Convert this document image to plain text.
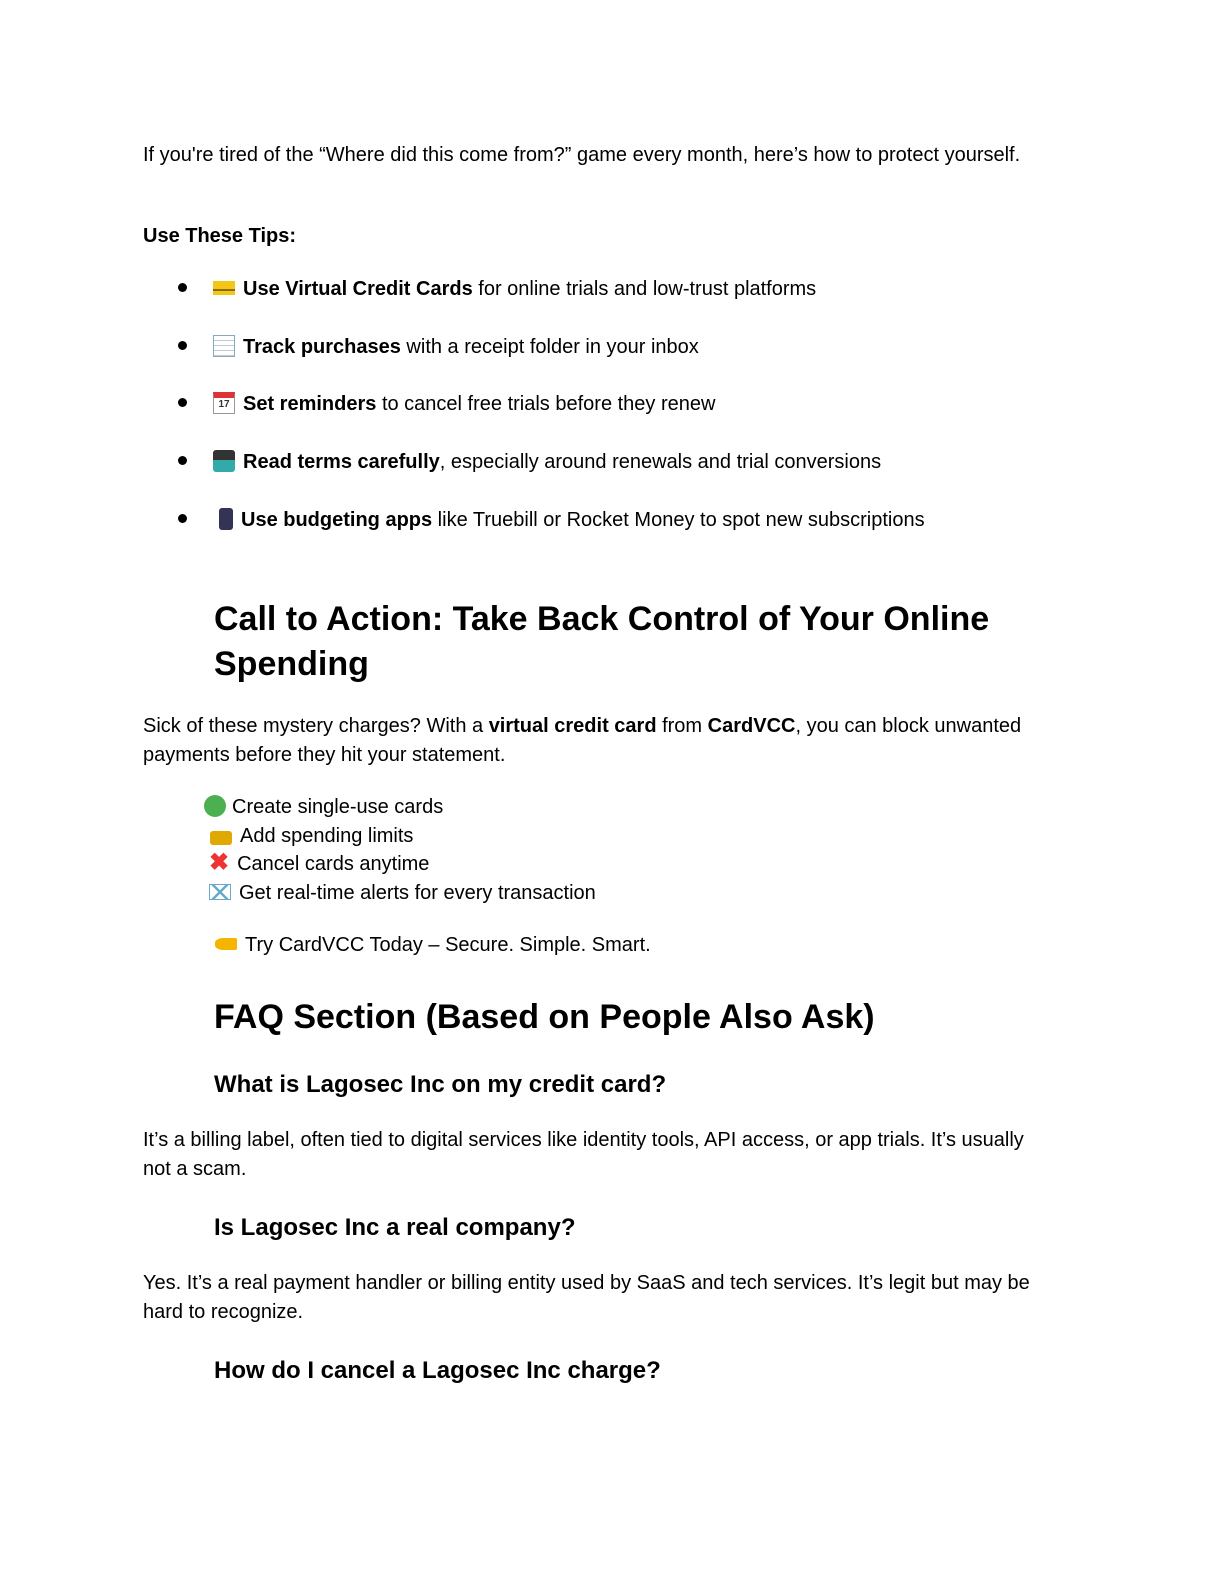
If you're tired of the “Where did this come from?” game every month, here’s how to protect yourself.
Use These Tips:
Use Virtual Credit Cards for online trials and low-trust platforms
Track purchases with a receipt folder in your inbox
17 Set reminders to cancel free trials before they renew
Read terms carefully, especially around renewals and trial conversions
Use budgeting apps like Truebill or Rocket Money to spot new subscriptions
Call to Action: Take Back Control of Your Online Spending
Sick of these mystery charges? With a virtual credit card from CardVCC, you can block unwanted payments before they hit your statement.
Create single-use cards
Add spending limits
✖ Cancel cards anytime
Get real-time alerts for every transaction
Try CardVCC Today – Secure. Simple. Smart.
FAQ Section (Based on People Also Ask)
What is Lagosec Inc on my credit card?
It’s a billing label, often tied to digital services like identity tools, API access, or app trials. It’s usually not a scam.
Is Lagosec Inc a real company?
Yes. It’s a real payment handler or billing entity used by SaaS and tech services. It’s legit but may be hard to recognize.
How do I cancel a Lagosec Inc charge?
